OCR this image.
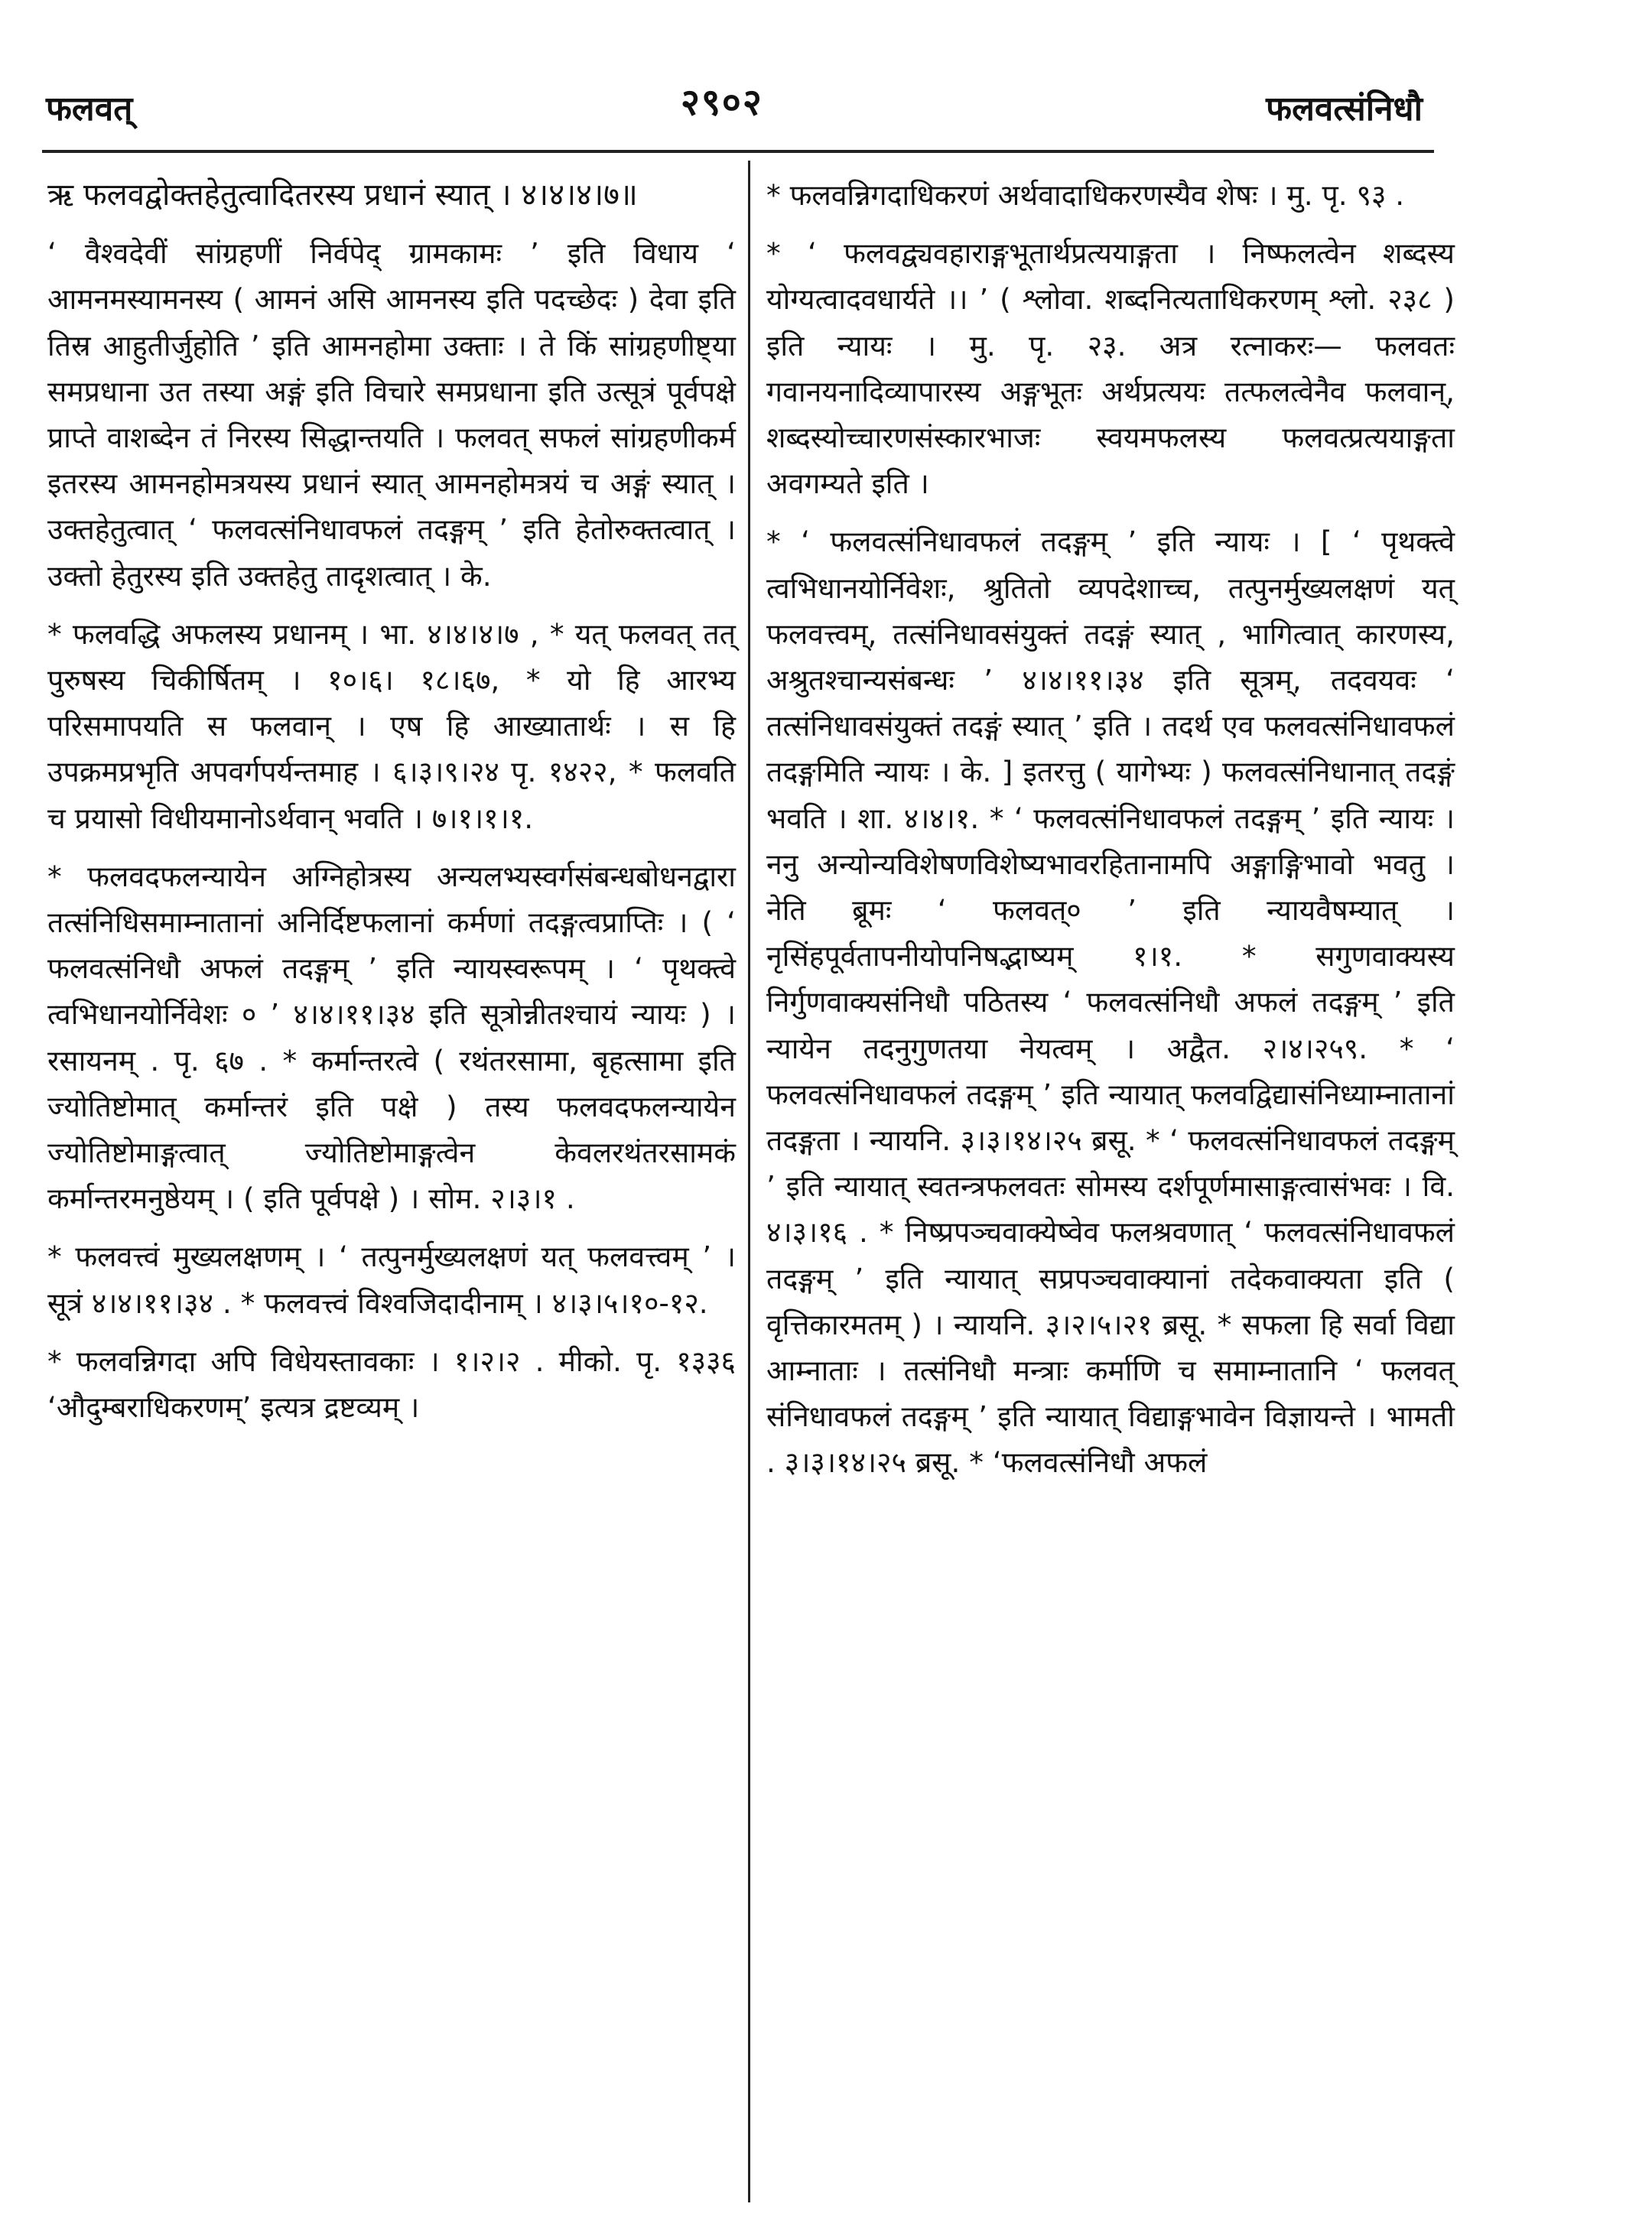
फलवत्	२९०२	फलवत्संनिधौ

ऋ फलवद्वोक्तहेतुत्वादितरस्य प्रधानं स्यात् । ४।४।४।७॥

‘ वैश्वदेवीं सांग्रहणीं निर्वपेद् ग्रामकामः ’ इति विधाय ‘ आमनमस्यामनस्य ( आमनं असि आमनस्य इति पदच्छेदः ) देवा इति तिस्र आहुतीर्जुहोति ’ इति आमनहोमा उक्ताः । ते किं सांग्रहणीष्ट्या समप्रधाना उत तस्या अङ्गं इति विचारे समप्रधाना इति उत्सूत्रं पूर्वपक्षे प्राप्ते वाशब्देन तं निरस्य सिद्धान्तयति । फलवत् सफलं सांग्रहणीकर्म इतरस्य आमनहोमत्रयस्य प्रधानं स्यात् आमनहोमत्रयं च अङ्गं स्यात् । उक्तहेतुत्वात् ‘ फलवत्संनिधावफलं तदङ्गम् ’ इति हेतोरुक्तत्वात् । उक्तो हेतुरस्य इति उक्तहेतु तादृशत्वात् । के.

* फलवद्धि अफलस्य प्रधानम् । भा. ४।४।४।७ , * यत् फलवत् तत् पुरुषस्य चिकीर्षितम् । १०।६। १८।६७, * यो हि आरभ्य परिसमापयति स फलवान् । एष हि आख्यातार्थः । स हि उपक्रमप्रभृति अपवर्गपर्यन्तमाह । ६।३।९।२४ पृ. १४२२, * फलवति च प्रयासो विधीयमानोऽर्थवान् भवति । ७।१।१।१.

* फलवदफलन्यायेन अग्निहोत्रस्य अन्यलभ्यस्वर्गसंबन्धबोधनद्वारा तत्संनिधिसमाम्नातानां अनिर्दिष्टफलानां कर्मणां तदङ्गत्वप्राप्तिः । ( ‘ फलवत्संनिधौ अफलं तदङ्गम् ’ इति न्यायस्वरूपम् । ‘ पृथक्त्वे त्वभिधानयोर्निवेशः ० ’ ४।४।११।३४ इति सूत्रोन्नीतश्चायं न्यायः ) । रसायनम् . पृ. ६७ . * कर्मान्तरत्वे ( रथंतरसामा, बृहत्सामा इति ज्योतिष्टोमात् कर्मान्तरं इति पक्षे ) तस्य फलवदफलन्यायेन ज्योतिष्टोमाङ्गत्वात् ज्योतिष्टोमाङ्गत्वेन केवलरथंतरसामकं कर्मान्तरमनुष्ठेयम् । ( इति पूर्वपक्षे ) । सोम. २।३।१ .

* फलवत्त्वं मुख्यलक्षणम् । ‘ तत्पुनर्मुख्यलक्षणं यत् फलवत्त्वम् ’ । सूत्रं ४।४।११।३४ . * फलवत्त्वं विश्वजिदादीनाम् । ४।३।५।१०-१२.

* फलवन्निगदा अपि विधेयस्तावकाः । १।२।२ . मीको. पृ. १३३६ ‘औदुम्बराधिकरणम्’ इत्यत्र द्रष्टव्यम् ।

* फलवन्निगदाधिकरणं अर्थवादाधिकरणस्यैव शेषः । मु. पृ. ९३ .

* ‘ फलवद्व्यवहाराङ्गभूतार्थप्रत्ययाङ्गता । निष्फलत्वेन शब्दस्य योग्यत्वादवधार्यते ।। ’ ( श्लोवा. शब्दनित्यताधिकरणम् श्लो. २३८ ) इति न्यायः । मु. पृ. २३. अत्र रत्नाकरः— फलवतः गवानयनादिव्यापारस्य अङ्गभूतः अर्थप्रत्ययः तत्फलत्वेनैव फलवान्, शब्दस्योच्चारणसंस्कारभाजः स्वयमफलस्य फलवत्प्रत्ययाङ्गता अवगम्यते इति ।

* ‘ फलवत्संनिधावफलं तदङ्गम् ’ इति न्यायः । [ ‘ पृथक्त्वे त्वभिधानयोर्निवेशः, श्रुतितो व्यपदेशाच्च, तत्पुनर्मुख्यलक्षणं यत् फलवत्त्वम्, तत्संनिधावसंयुक्तं तदङ्गं स्यात् , भागित्वात् कारणस्य, अश्रुतश्चान्यसंबन्धः ’ ४।४।११।३४ इति सूत्रम्, तदवयवः ‘ तत्संनिधावसंयुक्तं तदङ्गं स्यात् ’ इति । तदर्थ एव फलवत्संनिधावफलं तदङ्गमिति न्यायः । के. ] इतरत्तु ( यागेभ्यः ) फलवत्संनिधानात् तदङ्गं भवति । शा. ४।४।१. * ‘ फलवत्संनिधावफलं तदङ्गम् ’ इति न्यायः । ननु अन्योन्यविशेषणविशेष्यभावरहितानामपि अङ्गाङ्गिभावो भवतु । नेति ब्रूमः ‘ फलवत्० ’ इति न्यायवैषम्यात् । नृसिंहपूर्वतापनीयोपनिषद्भाष्यम् १।१. * सगुणवाक्यस्य निर्गुणवाक्यसंनिधौ पठितस्य ‘ फलवत्संनिधौ अफलं तदङ्गम् ’ इति न्यायेन तदनुगुणतया नेयत्वम् । अद्वैत. २।४।२५९. * ‘ फलवत्संनिधावफलं तदङ्गम् ’ इति न्यायात् फलवद्विद्यासंनिध्याम्नातानां तदङ्गता । न्यायनि. ३।३।१४।२५ ब्रसू. * ‘ फलवत्संनिधावफलं तदङ्गम् ’ इति न्यायात् स्वतन्त्रफलवतः सोमस्य दर्शपूर्णमासाङ्गत्वासंभवः । वि. ४।३।१६ . * निष्प्रपञ्चवाक्येष्वेव फलश्रवणात् ‘ फलवत्संनिधावफलं तदङ्गम् ’ इति न्यायात् सप्रपञ्चवाक्यानां तदेकवाक्यता इति ( वृत्तिकारमतम् ) । न्यायनि. ३।२।५।२१ ब्रसू. * सफला हि सर्वा विद्या आम्नाताः । तत्संनिधौ मन्त्राः कर्माणि च समाम्नातानि ‘ फलवत् संनिधावफलं तदङ्गम् ’ इति न्यायात् विद्याङ्गभावेन विज्ञायन्ते । भामती . ३।३।१४।२५ ब्रसू. * ‘फलवत्संनिधौ अफलं
